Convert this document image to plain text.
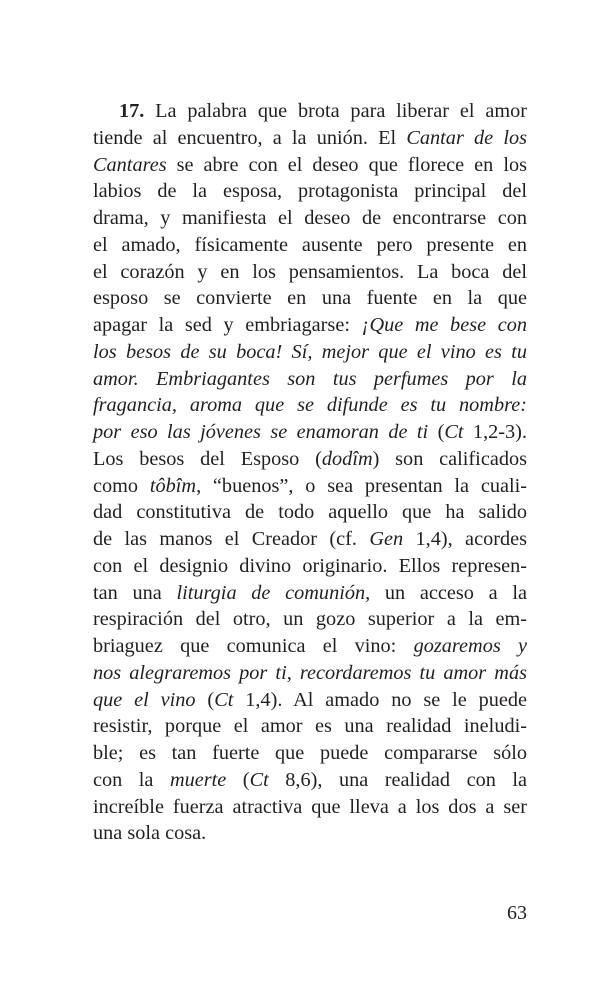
17. La palabra que brota para liberar el amor
tiende al encuentro, a la unión. El Cantar de los
Cantares se abre con el deseo que florece en los
labios de la esposa, protagonista principal del
drama, y manifiesta el deseo de encontrarse con
el amado, físicamente ausente pero presente en
el corazón y en los pensamientos. La boca del
esposo se convierte en una fuente en la que
apagar la sed y embriagarse: ¡Que me bese con
los besos de su boca! Sí, mejor que el vino es tu
amor. Embriagantes son tus perfumes por la
fragancia, aroma que se difunde es tu nombre:
por eso las jóvenes se enamoran de ti (Ct 1,2-3).
Los besos del Esposo (dodîm) son calificados
como tôbîm, “buenos”, o sea presentan la cuali-
dad constitutiva de todo aquello que ha salido
de las manos el Creador (cf. Gen 1,4), acordes
con el designio divino originario. Ellos represen-
tan una liturgia de comunión, un acceso a la
respiración del otro, un gozo superior a la em-
briaguez que comunica el vino: gozaremos y
nos alegraremos por ti, recordaremos tu amor más
que el vino (Ct 1,4). Al amado no se le puede
resistir, porque el amor es una realidad ineludi-
ble; es tan fuerte que puede compararse sólo
con la muerte (Ct 8,6), una realidad con la
increíble fuerza atractiva que lleva a los dos a ser
una sola cosa.
63
